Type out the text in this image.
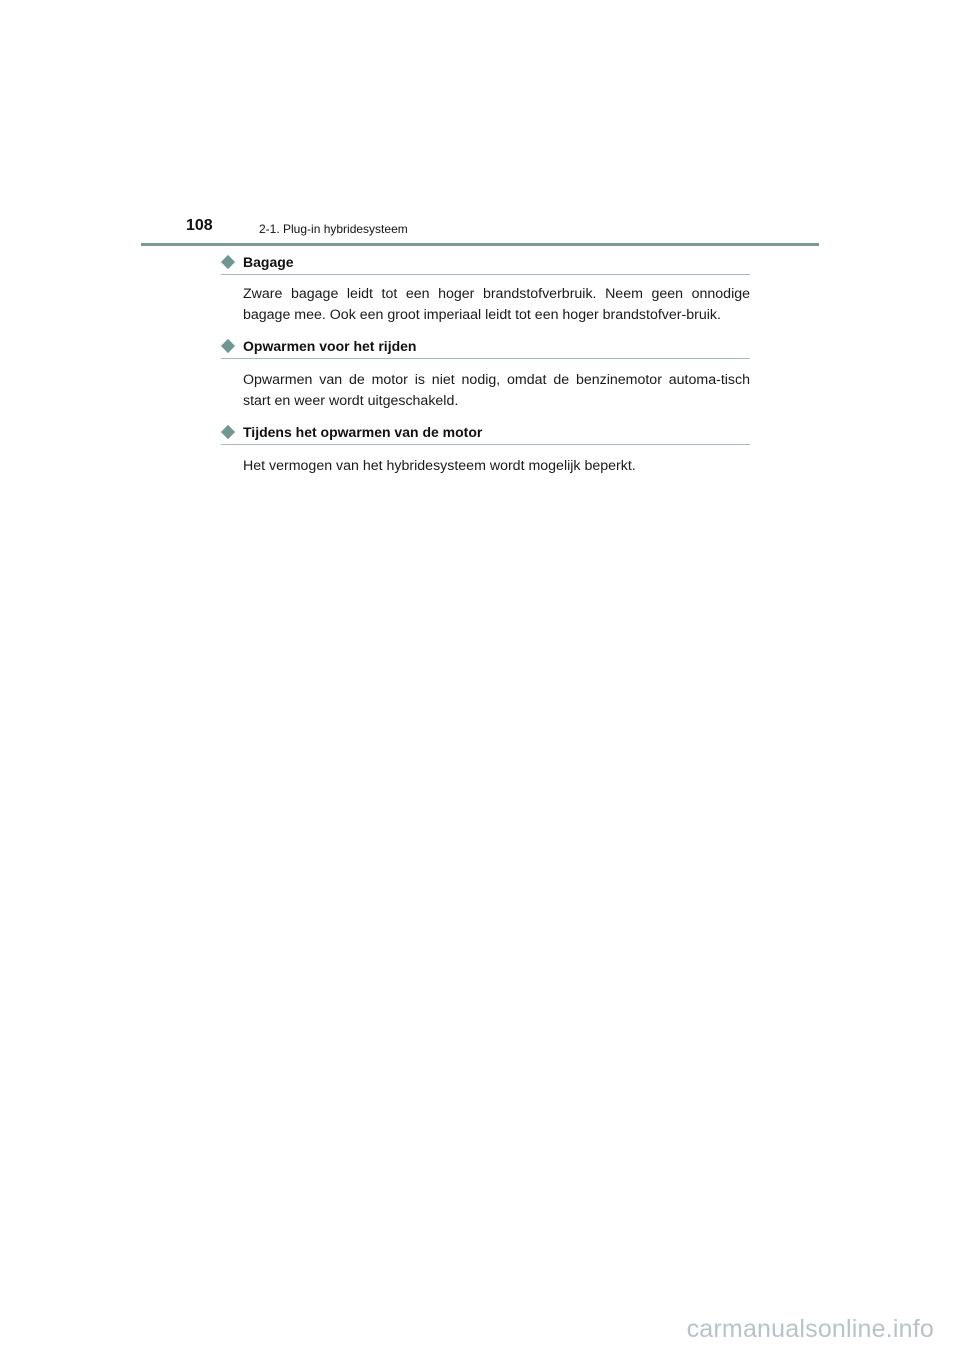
108	2-1. Plug-in hybridesysteem
Bagage

Zware bagage leidt tot een hoger brandstofverbruik. Neem geen onnodige bagage mee. Ook een groot imperiaal leidt tot een hoger brandstofver-bruik.

Opwarmen voor het rijden

Opwarmen van de motor is niet nodig, omdat de benzinemotor automa-tisch start en weer wordt uitgeschakeld.

Tijdens het opwarmen van de motor

Het vermogen van het hybridesysteem wordt mogelijk beperkt.

carmanualsonline.info
